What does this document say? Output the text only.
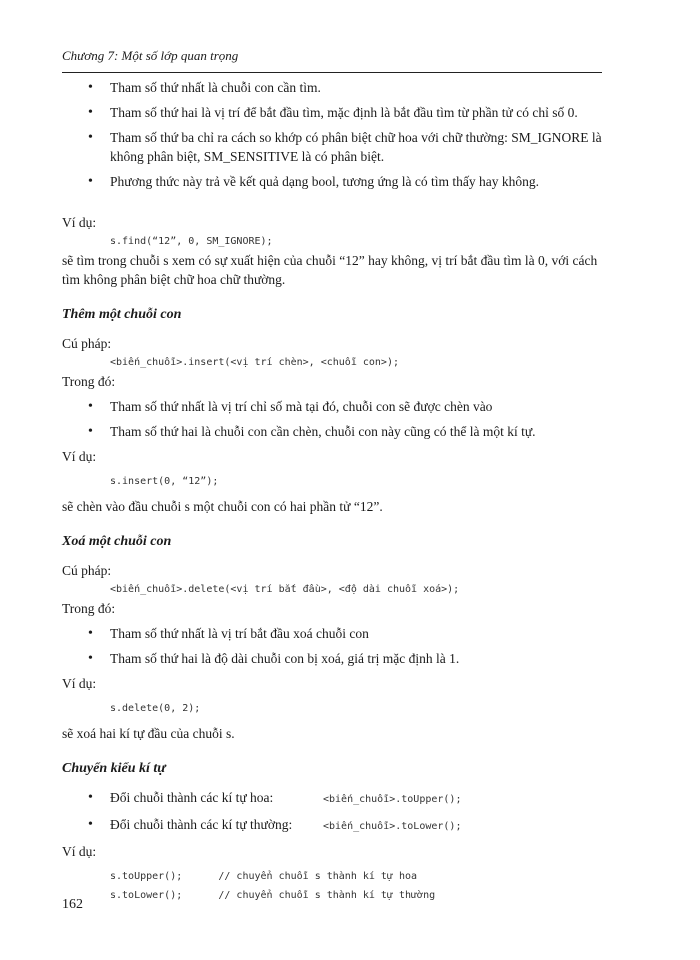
Chương 7: Một số lớp quan trọng
• Tham số thứ nhất là chuỗi con cần tìm.
• Tham số thứ hai là vị trí để bắt đầu tìm, mặc định là bắt đầu tìm từ phần tử có chỉ số 0.
• Tham số thứ ba chỉ ra cách so khớp có phân biệt chữ hoa với chữ thường: SM_IGNORE là không phân biệt, SM_SENSITIVE là có phân biệt.
• Phương thức này trả về kết quả dạng bool, tương ứng là có tìm thấy hay không.

Ví dụ:

s.find(“12”, 0, SM_IGNORE);

sẽ tìm trong chuỗi s xem có sự xuất hiện của chuỗi “12” hay không, vị trí bắt đầu tìm là 0, với cách tìm không phân biệt chữ hoa chữ thường.

Thêm một chuỗi con

Cú pháp:

<biến_chuỗi>.insert(<vị trí chèn>, <chuỗi con>);

Trong đó:

• Tham số thứ nhất là vị trí chỉ số mà tại đó, chuỗi con sẽ được chèn vào
• Tham số thứ hai là chuỗi con cần chèn, chuỗi con này cũng có thể là một kí tự.

Ví dụ:

s.insert(0, “12”);

sẽ chèn vào đầu chuỗi s một chuỗi con có hai phần tử “12”.

Xoá một chuỗi con

Cú pháp:

<biến_chuỗi>.delete(<vị trí bắt đầu>, <độ dài chuỗi xoá>);

Trong đó:

• Tham số thứ nhất là vị trí bắt đầu xoá chuỗi con
• Tham số thứ hai là độ dài chuỗi con bị xoá, giá trị mặc định là 1.

Ví dụ:

s.delete(0, 2);

sẽ xoá hai kí tự đầu của chuỗi s.

Chuyển kiểu kí tự

• Đổi chuỗi thành các kí tự hoa:	<biến_chuỗi>.toUpper();
• Đổi chuỗi thành các kí tự thường:	<biến_chuỗi>.toLower();

Ví dụ:

s.toUpper();      // chuyển chuỗi s thành kí tự hoa
s.toLower();      // chuyển chuỗi s thành kí tự thường
162
